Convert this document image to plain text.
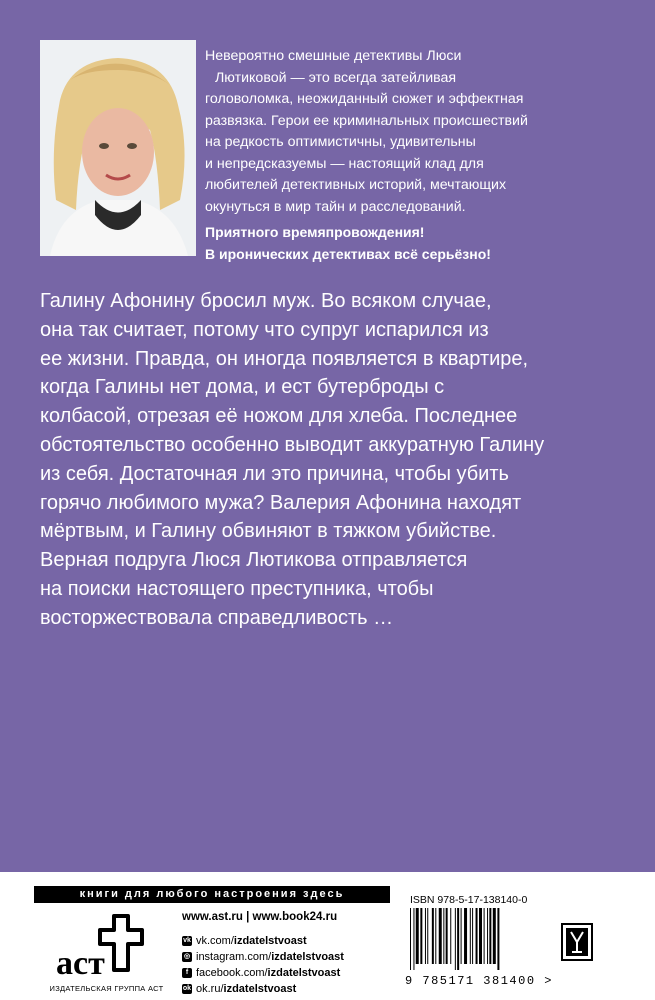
Невероятно смешные детективы Люси

Лютиковой — это всегда затейливая

головоломка, неожиданный сюжет и эффектная

развязка. Герои ее криминальных происшествий

на редкость оптимистичны, удивительны

и непредсказуемы — настоящий клад для

любителей детективных историй, мечтающих

окунуться в мир тайн и расследований.

Приятного времяпровождения!

В иронических детективах всё серьёзно!

Галину Афонину бросил муж. Во всяком случае,
она так считает, потому что супруг испарился из
ее жизни. Правда, он иногда появляется в квартире,
когда Галины нет дома, и ест бутерброды с
колбасой, отрезая её ножом для хлеба. Последнее
обстоятельство особенно выводит аккуратную Галину
из себя. Достаточная ли это причина, чтобы убить
горячо любимого мужа? Валерия Афонина находят
мёртвым, и Галину обвиняют в тяжком убийстве.
Верная подруга Люся Лютикова отправляется
на поиски настоящего преступника, чтобы
восторжествовала справедливость …
книги для любого настроения здесь
аст
ИЗДАТЕЛЬСКАЯ ГРУППА АСТ
www.ast.ru | www.book24.ru
vk vk.com/izdatelstvoast
◎ instagram.com/izdatelstvoast
f facebook.com/izdatelstvoast
ok ok.ru/izdatelstvoast
ISBN 978-5-17-138140-0
9 785171 381400 >
